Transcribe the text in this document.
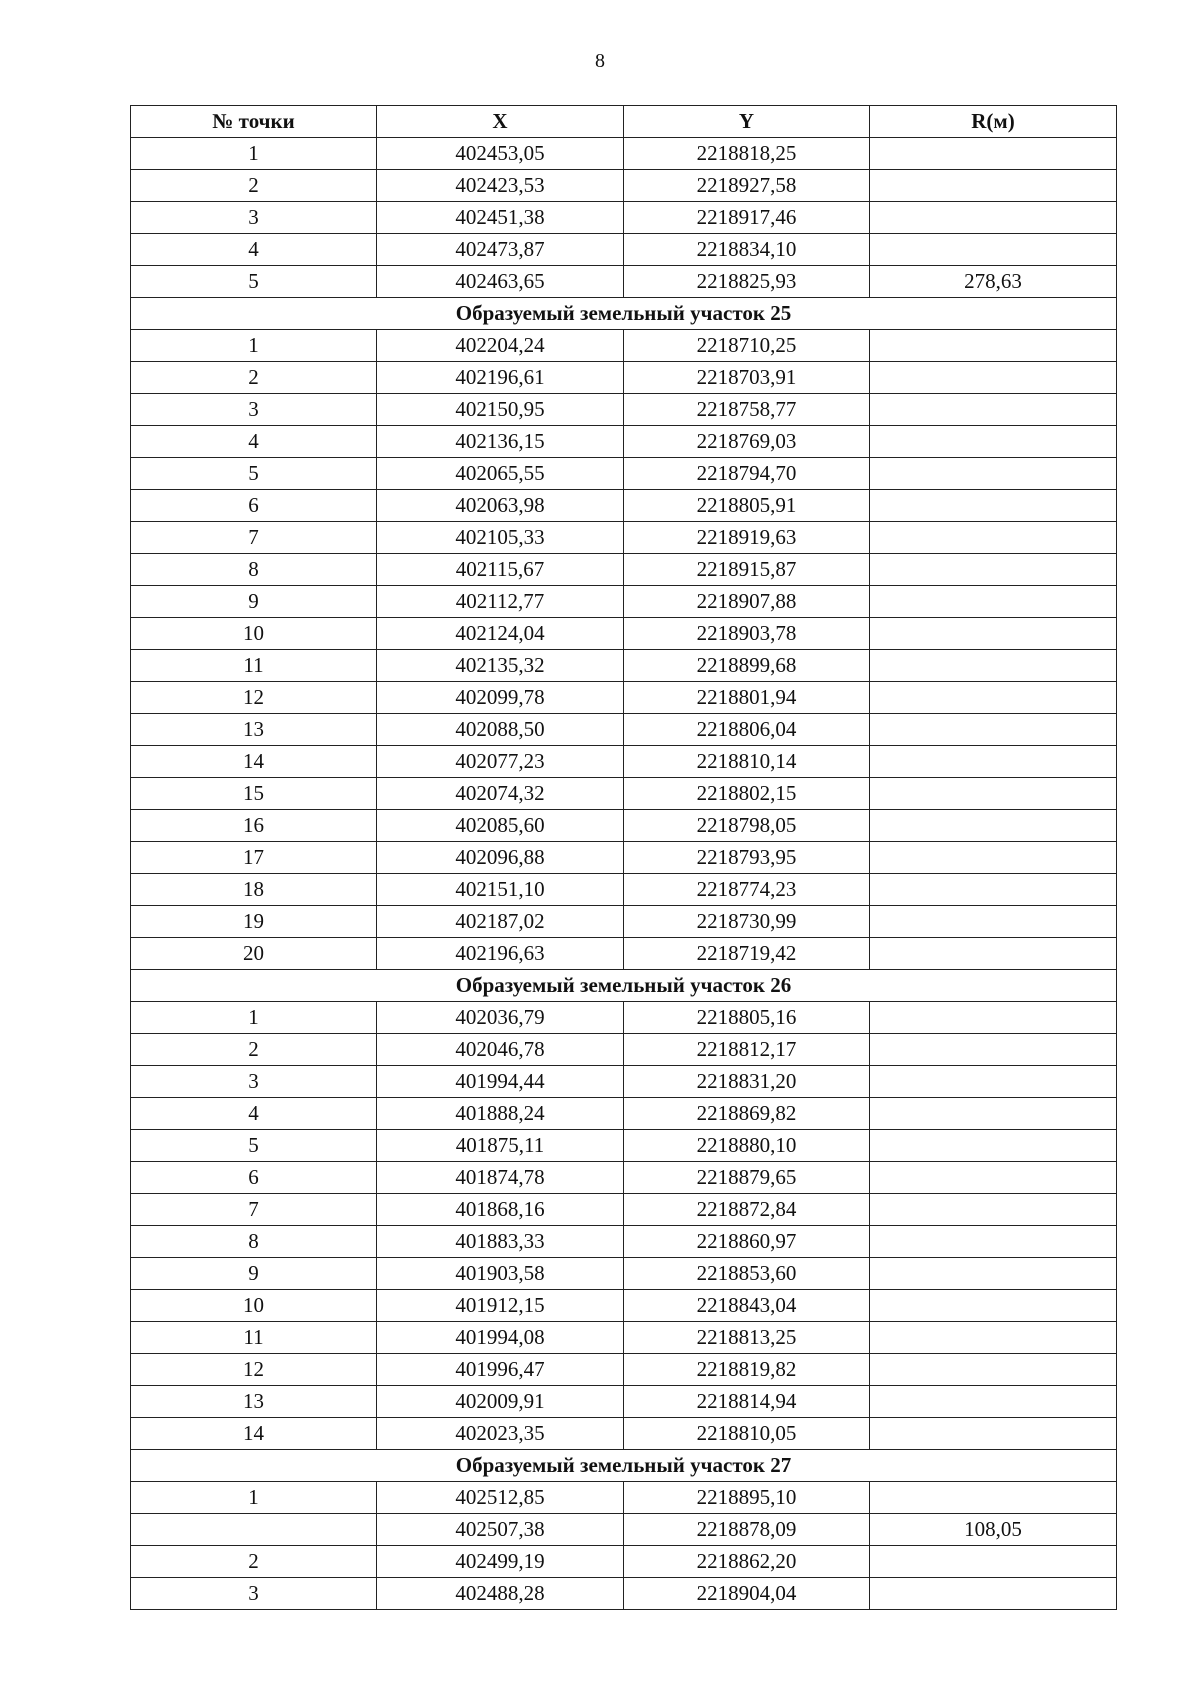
8
№ точки	X	Y	R(м)
1	402453,05	2218818,25	
2	402423,53	2218927,58	
3	402451,38	2218917,46	
4	402473,87	2218834,10	
5	402463,65	2218825,93	278,63
Образуемый земельный участок 25			
1	402204,24	2218710,25	
2	402196,61	2218703,91	
3	402150,95	2218758,77	
4	402136,15	2218769,03	
5	402065,55	2218794,70	
6	402063,98	2218805,91	
7	402105,33	2218919,63	
8	402115,67	2218915,87	
9	402112,77	2218907,88	
10	402124,04	2218903,78	
11	402135,32	2218899,68	
12	402099,78	2218801,94	
13	402088,50	2218806,04	
14	402077,23	2218810,14	
15	402074,32	2218802,15	
16	402085,60	2218798,05	
17	402096,88	2218793,95	
18	402151,10	2218774,23	
19	402187,02	2218730,99	
20	402196,63	2218719,42	
Образуемый земельный участок 26			
1	402036,79	2218805,16	
2	402046,78	2218812,17	
3	401994,44	2218831,20	
4	401888,24	2218869,82	
5	401875,11	2218880,10	
6	401874,78	2218879,65	
7	401868,16	2218872,84	
8	401883,33	2218860,97	
9	401903,58	2218853,60	
10	401912,15	2218843,04	
11	401994,08	2218813,25	
12	401996,47	2218819,82	
13	402009,91	2218814,94	
14	402023,35	2218810,05	
Образуемый земельный участок 27			
1	402512,85	2218895,10	
	402507,38	2218878,09	108,05
2	402499,19	2218862,20	
3	402488,28	2218904,04	
